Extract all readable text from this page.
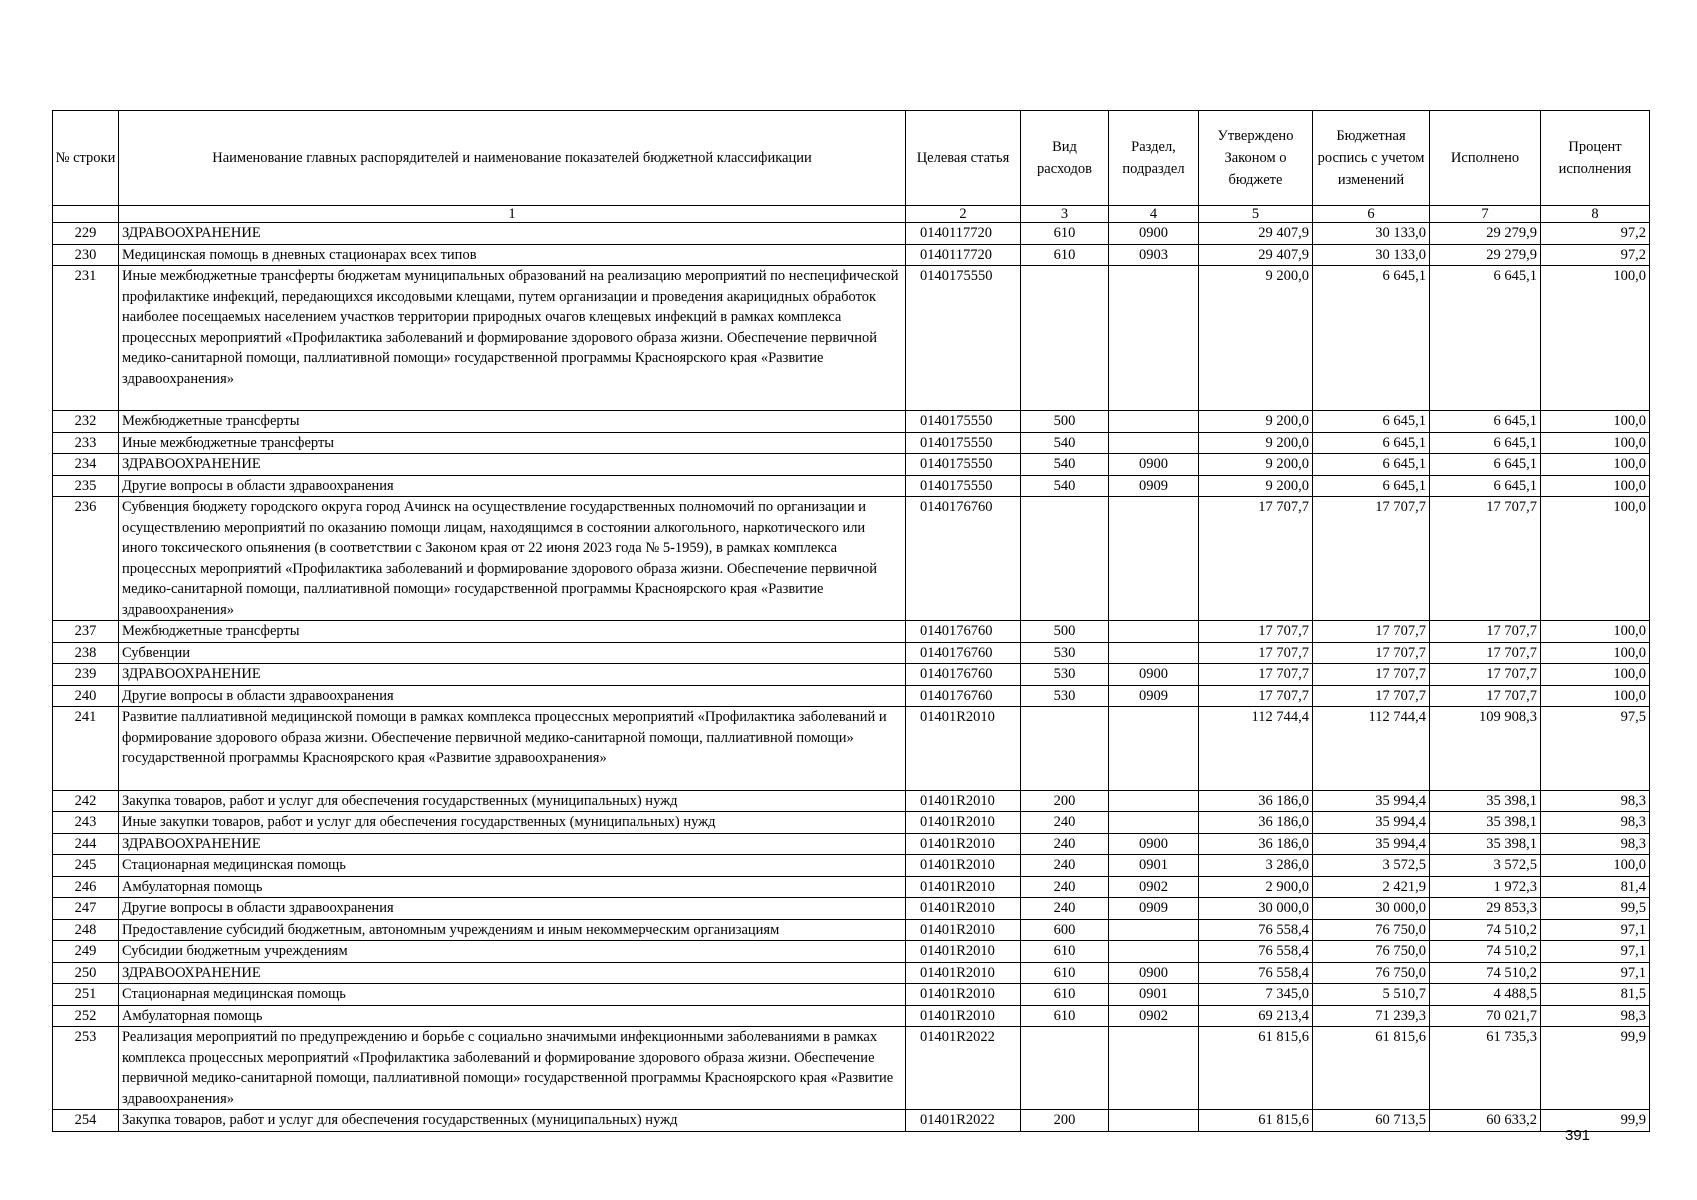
№ строки	Наименование главных распорядителей и наименование показателей бюджетной классификации	Целевая статья	Вид расходов	Раздел, подраздел	Утверждено Законом о бюджете	Бюджетная роспись с учетом изменений	Исполнено	Процент исполнения
	1	2	3	4	5	6	7	8
229	ЗДРАВООХРАНЕНИЕ	0140117720	610	0900	29 407,9	30 133,0	29 279,9	97,2
230	Медицинская помощь в дневных стационарах всех типов	0140117720	610	0903	29 407,9	30 133,0	29 279,9	97,2
231	Иные межбюджетные трансферты бюджетам муниципальных образований на реализацию мероприятий по неспецифической профилактике инфекций, передающихся иксодовыми клещами, путем организации и проведения акарицидных обработок наиболее посещаемых населением участков территории природных очагов клещевых инфекций в рамках комплекса процессных мероприятий «Профилактика заболеваний и формирование здорового образа жизни. Обеспечение первичной медико-санитарной помощи, паллиативной помощи» государственной программы Красноярского края «Развитие здравоохранения»	0140175550			9 200,0	6 645,1	6 645,1	100,0
232	Межбюджетные трансферты	0140175550	500		9 200,0	6 645,1	6 645,1	100,0
233	Иные межбюджетные трансферты	0140175550	540		9 200,0	6 645,1	6 645,1	100,0
234	ЗДРАВООХРАНЕНИЕ	0140175550	540	0900	9 200,0	6 645,1	6 645,1	100,0
235	Другие вопросы в области здравоохранения	0140175550	540	0909	9 200,0	6 645,1	6 645,1	100,0
236	Субвенция бюджету городского округа город Ачинск на осуществление государственных полномочий по организации и осуществлению мероприятий по оказанию помощи лицам, находящимся в состоянии алкогольного, наркотического или иного токсического опьянения (в соответствии с Законом края от 22 июня 2023 года № 5-1959), в рамках комплекса процессных мероприятий «Профилактика заболеваний и формирование здорового образа жизни. Обеспечение первичной медико-санитарной помощи, паллиативной помощи» государственной программы Красноярского края «Развитие здравоохранения»	0140176760			17 707,7	17 707,7	17 707,7	100,0
237	Межбюджетные трансферты	0140176760	500		17 707,7	17 707,7	17 707,7	100,0
238	Субвенции	0140176760	530		17 707,7	17 707,7	17 707,7	100,0
239	ЗДРАВООХРАНЕНИЕ	0140176760	530	0900	17 707,7	17 707,7	17 707,7	100,0
240	Другие вопросы в области здравоохранения	0140176760	530	0909	17 707,7	17 707,7	17 707,7	100,0
241	Развитие паллиативной медицинской помощи в рамках комплекса процессных мероприятий «Профилактика заболеваний и формирование здорового образа жизни. Обеспечение первичной медико-санитарной помощи, паллиативной помощи» государственной программы Красноярского края «Развитие здравоохранения»	01401R2010			112 744,4	112 744,4	109 908,3	97,5
242	Закупка товаров, работ и услуг для обеспечения государственных (муниципальных) нужд	01401R2010	200		36 186,0	35 994,4	35 398,1	98,3
243	Иные закупки товаров, работ и услуг для обеспечения государственных (муниципальных) нужд	01401R2010	240		36 186,0	35 994,4	35 398,1	98,3
244	ЗДРАВООХРАНЕНИЕ	01401R2010	240	0900	36 186,0	35 994,4	35 398,1	98,3
245	Стационарная медицинская помощь	01401R2010	240	0901	3 286,0	3 572,5	3 572,5	100,0
246	Амбулаторная помощь	01401R2010	240	0902	2 900,0	2 421,9	1 972,3	81,4
247	Другие вопросы в области здравоохранения	01401R2010	240	0909	30 000,0	30 000,0	29 853,3	99,5
248	Предоставление субсидий бюджетным, автономным учреждениям и иным некоммерческим организациям	01401R2010	600		76 558,4	76 750,0	74 510,2	97,1
249	Субсидии бюджетным учреждениям	01401R2010	610		76 558,4	76 750,0	74 510,2	97,1
250	ЗДРАВООХРАНЕНИЕ	01401R2010	610	0900	76 558,4	76 750,0	74 510,2	97,1
251	Стационарная медицинская помощь	01401R2010	610	0901	7 345,0	5 510,7	4 488,5	81,5
252	Амбулаторная помощь	01401R2010	610	0902	69 213,4	71 239,3	70 021,7	98,3
253	Реализация мероприятий по предупреждению и борьбе с социально значимыми инфекционными заболеваниями в рамках комплекса процессных мероприятий «Профилактика заболеваний и формирование здорового образа жизни. Обеспечение первичной медико-санитарной помощи, паллиативной помощи» государственной программы Красноярского края «Развитие здравоохранения»	01401R2022			61 815,6	61 815,6	61 735,3	99,9
254	Закупка товаров, работ и услуг для обеспечения государственных (муниципальных) нужд	01401R2022	200		61 815,6	60 713,5	60 633,2	99,9
391
